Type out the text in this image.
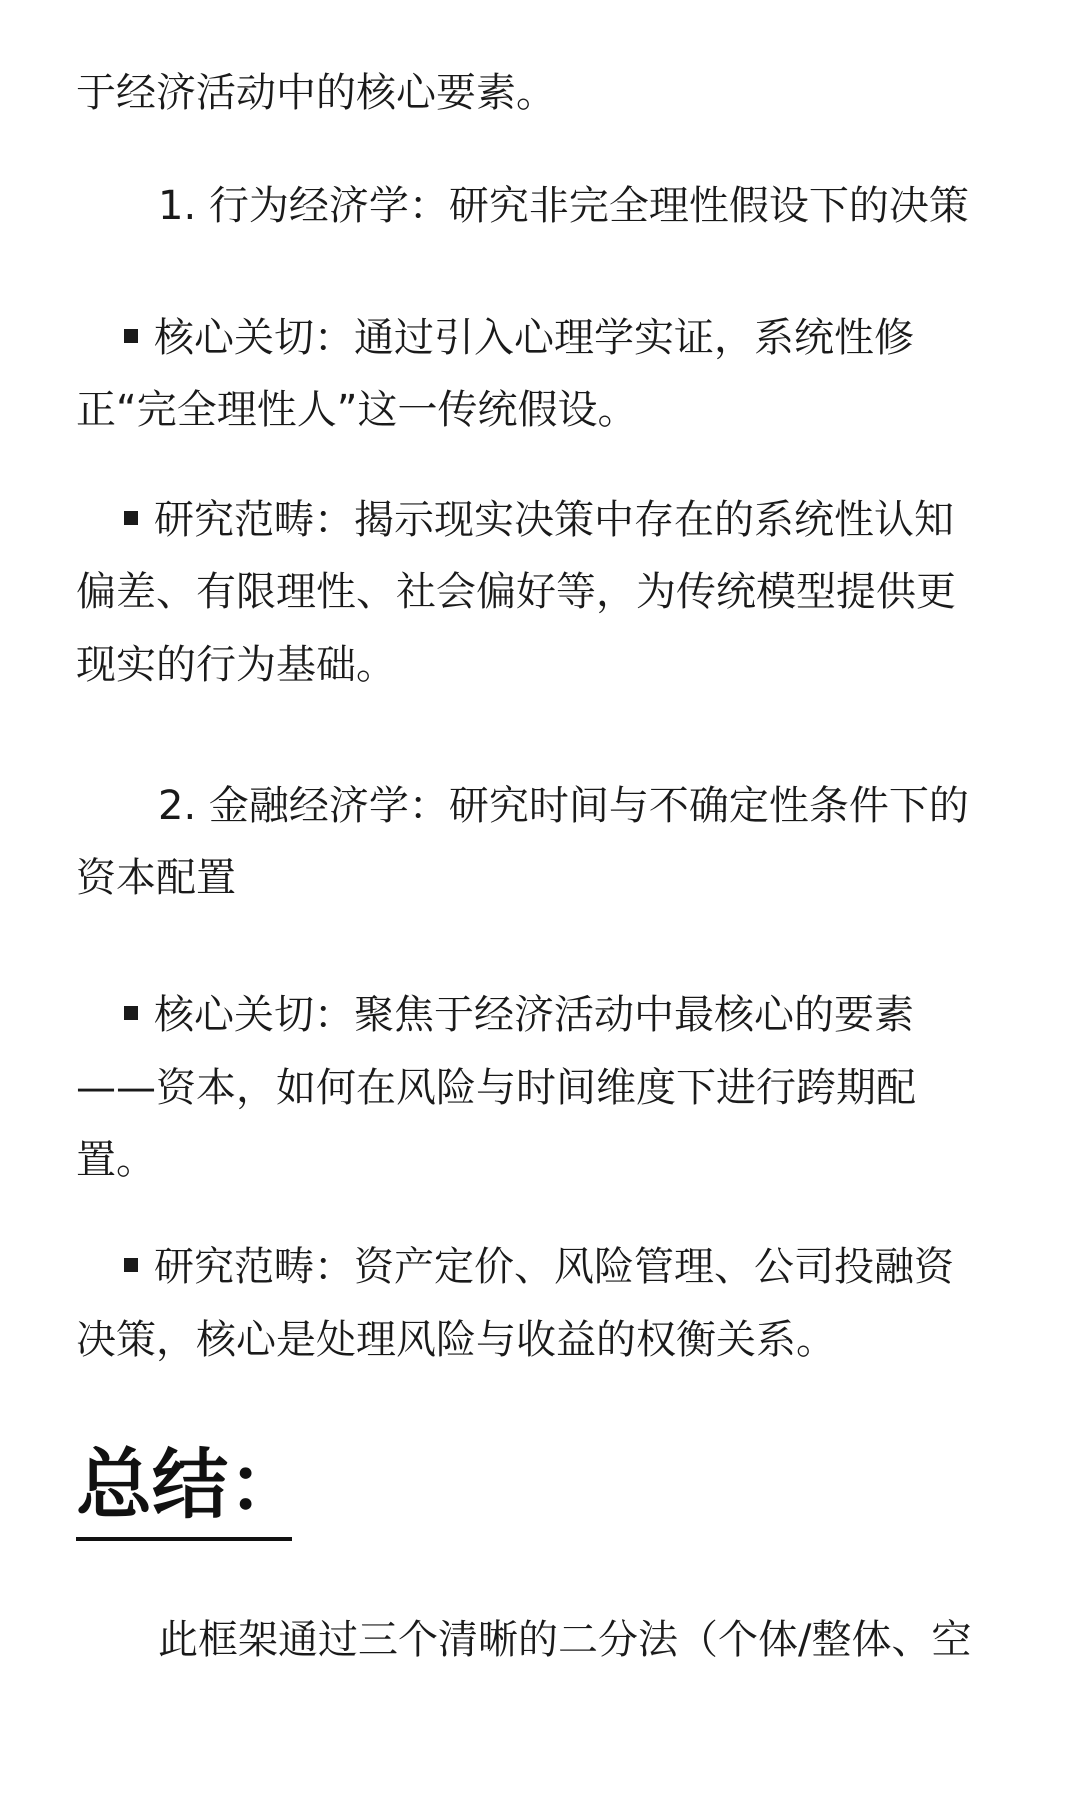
于经济活动中的核心要素。
1. 行为经济学：研究非完全理性假设下的决策
核心关切：通过引入心理学实证，系统性修
正“完全理性人”这一传统假设。
研究范畴：揭示现实决策中存在的系统性认知
偏差、有限理性、社会偏好等，为传统模型提供更
现实的行为基础。
2. 金融经济学：研究时间与不确定性条件下的
资本配置
核心关切：聚焦于经济活动中最核心的要素
——资本，如何在风险与时间维度下进行跨期配
置。
研究范畴：资产定价、风险管理、公司投融资
决策，核心是处理风险与收益的权衡关系。
总结：
此框架通过三个清晰的二分法（个体/整体、空
